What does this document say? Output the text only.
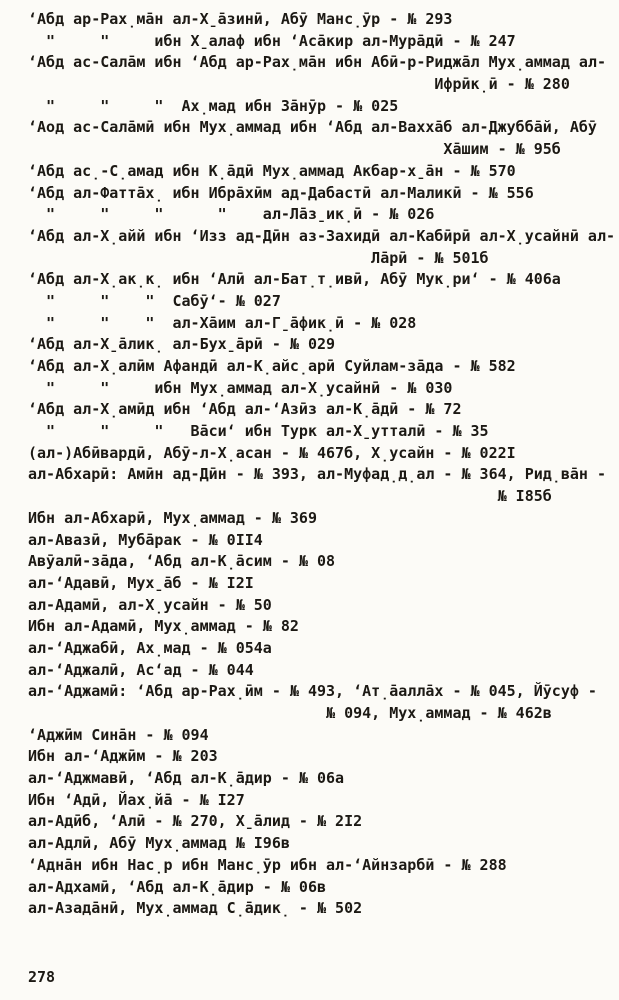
‘Абд ар-Рах̣ма̄н ал-Х̱а̄зинӣ, Абӯ Манс̣ӯр - № 293
"     "     ибн Х̱алаф ибн ‘Аса̄кир ал-Мура̄дӣ - № 247
‘Абд ас-Сала̄м ибн ‘Абд ар-Рах̣ма̄н ибн Абӣ-р-Риджа̄л Мух̣аммад ал-
Ифрӣк̣ӣ - № 280
"     "     "  Ах̣мад ибн За̄нӯр - № 025
‘Аод ас-Сала̄мӣ ибн Мух̣аммад ибн ‘Абд ал-Вахха̄б ал-Джубба̄й, Абӯ
Ха̄шим - № 95б
‘Абд ас̣-С̣амад ибн К̣а̄дӣ Мух̣аммад Акбар-х̱а̄н - № 570
‘Абд ал-Фатта̄х̣ ибн Ибра̄хӣм ад-Дабастӣ ал-Маликӣ - № 556
"     "     "      "    ал-Ла̄з̱ик̣ӣ - № 026
‘Абд ал-Х̣айй ибн ‘Изз ад-Дӣн аз-Захидӣ ал-Кабӣрӣ ал-Х̣усайнӣ ал-
Ла̄рӣ - № 501б
‘Абд ал-Х̣ак̣к̣ ибн ‘Алӣ ал-Бат̣т̣ивӣ, Абӯ Мук̣ри‘ - № 406а
"     "    "  Сабӯ‘- № 027
"     "    "  ал-Ха̄им ал-Г̱а̄фик̣ӣ - № 028
‘Абд ал-Х̱а̄лик̣ ал-Бух̱а̄рӣ - № 029
‘Абд ал-Х̣алӣм Афандӣ ал-К̣айс̣арӣ Суйлам-за̄да - № 582
"     "     ибн Мух̣аммад ал-Х̣усайнӣ - № 030
‘Абд ал-Х̣амӣд ибн ‘Абд ал-‘Азӣз ал-К̣а̄дӣ - № 72
"     "     "   Ва̄си‘ ибн Турк ал-Х̱утталӣ - № 35
(ал-)Абӣвардӣ, Абӯ-л-Х̣асан - № 467б, Х̣усайн - № 022I
ал-Абхарӣ: Амӣн ад-Дӣн - № 393, ал-Муфад̣д̣ал - № 364, Рид̣ва̄н -
№ I85б
Ибн ал-Абхарӣ, Мух̣аммад - № 369
ал-Авазӣ, Муба̄рак - № 0II4
Авӯалӣ-за̄да, ‘Абд ал-К̣а̄сим - № 08
ал-‘Адавӣ, Мух̱а̄б - № I2I
ал-Адамӣ, ал-Х̣усайн - № 50
Ибн ал-Адамӣ, Мух̣аммад - № 82
ал-‘Аджабӣ, Ах̣мад - № 054а
ал-‘Аджалӣ, Ас‘ад - № 044
ал-‘Аджамӣ: ‘Абд ар-Рах̣ӣм - № 493, ‘Ат̣а̄алла̄х - № 045, Йӯсуф -
№ 094, Мух̣аммад - № 462в
‘Аджӣм Сина̄н - № 094
Ибн ал-‘Аджӣм - № 203
ал-‘Аджмавӣ, ‘Абд ал-К̣а̄дир - № 06а
Ибн ‘Адӣ, Йах̣йа̄ - № I27
ал-Адӣб, ‘Алӣ - № 270, Х̱а̄лид - № 2I2
ал-Адлӣ, Абӯ Мух̣аммад № I96в
‘Адна̄н ибн Нас̣р ибн Манс̣ӯр ибн ал-‘Айнзарбӣ - № 288
ал-Адхамӣ, ‘Абд ал-К̣а̄дир - № 06в
ал-Азада̄нӣ, Мух̣аммад С̣а̄дик̣ - № 502
278
